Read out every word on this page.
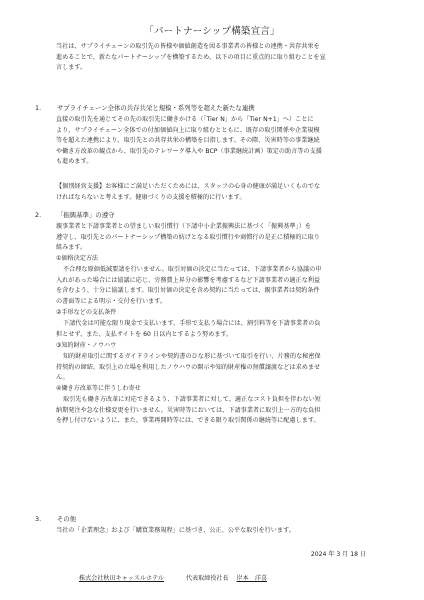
「パートナーシップ構築宣言」

当社は、サプライチェーンの取引先の皆様や価値創造を図る事業者の皆様との連携・共存共栄を

進めることで、新たなパートナーシップを構築するため、以下の項目に重点的に取り組むことを宣

言します。

1. サプライチェーン全体の共存共栄と規模・系列等を超えた新たな連携

直接の取引先を通じてその先の取引先に働きかける（「Tier N」から「Tier N+1」へ）ことに

より、サプライチェーン全体での付加価値向上に取り組むとともに、既存の取引関係や企業規模

等を超えた連携により、取引先との共存共栄の構築を目指します。その際、災害時等の事業継続

や働き方改革の観点から、取引先のテレワーク導入や BCP（事業継続計画）策定の助言等の支援

も進めます。

【個別経営支援】お客様にご満足いただくためには、スタッフの心身の健康が満足いくものでな

ければならないと考えます。健康づくりの支援を積極的に行います。

2. 「振興基準」の遵守

親事業者と下請事業者との望ましい取引慣行（下請中小企業振興法に基づく「振興基準」）を

遵守し、取引先とのパートナーシップ構築の妨げとなる取引慣行や商慣行の是正に積極的に取り

組みます。

①価格決定方法

不合理な原価低減要請を行いません。取引対価の決定に当たっては、下請事業者から協議の申

入れがあった場合には協議に応じ、労務費上昇分の影響を考慮するなど下請事業者の適正な利益

を含むよう、十分に協議します。取引対価の決定を含め契約に当たっては、親事業者は契約条件

の書面等による明示・交付を行います。

②手形などの支払条件

下請代金は可能な限り現金で支払います。手形で支払う場合には、割引料等を下請事業者の負

担とせず、また、支払サイトを 60 日以内とするよう努めます。

③知的財産・ノウハウ

知的財産取引に関するガイドラインや契約書のひな形に基づいて取引を行い、片務的な秘密保

持契約の締結、取引上の立場を利用したノウハウの開示や知的財産権の無償譲渡などは求めませ

ん。

④働き方改革等に伴うしわ寄せ

取引先も働き方改革に対応できるよう、下請事業者に対して、適正なコスト負担を伴わない短

納期発注や急な仕様変更を行いません。災害時等においては、下請事業者に取引上一方的な負担

を押し付けないように、また、事業再開時等には、できる限り取引関係の継続等に配慮します。

3. その他

当社の「企業理念」および「購買業務規程」に基づき、公正、公平な取引を行います。

2024 年 3 月 18 日
株式会社秋田キャッスルホテル	代表取締役社長 岸本　洋喜
